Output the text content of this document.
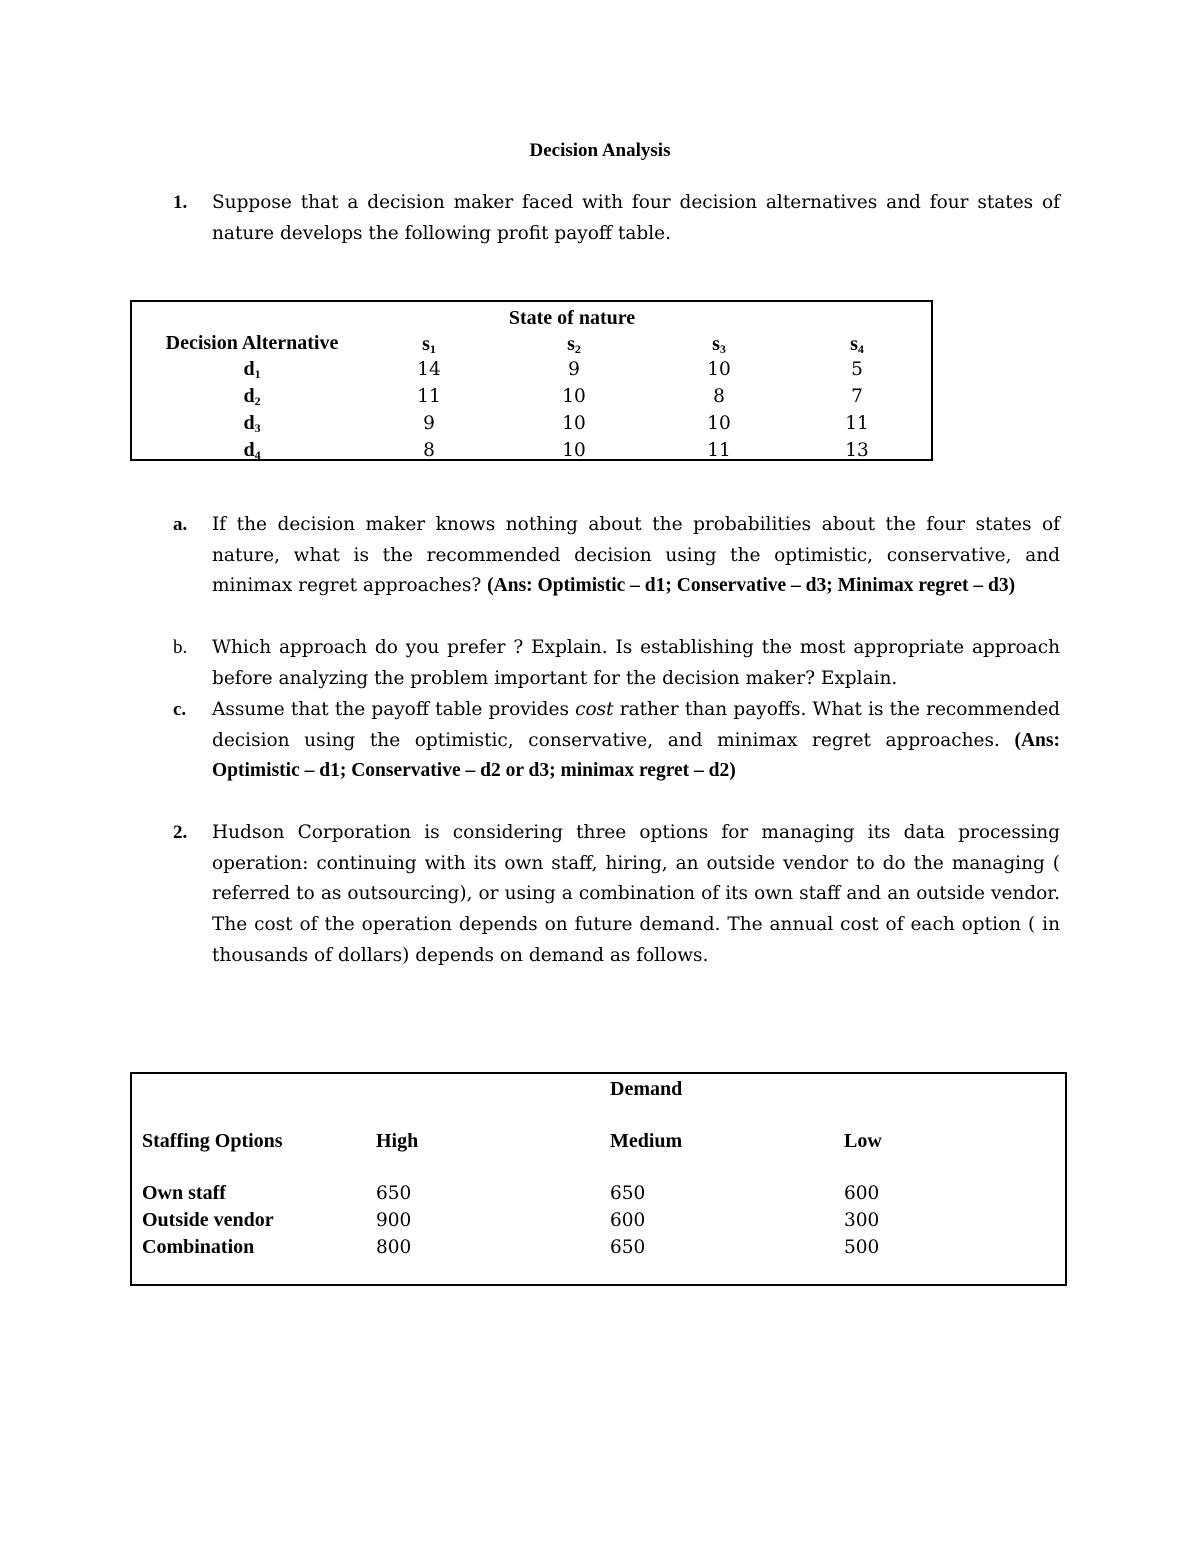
Decision Analysis
1. Suppose that a decision maker faced with four decision alternatives and four states of nature develops the following profit payoff table.
State of nature
Decision Alternative	$s_1$	$s_2$	$s_3$	$s_4$
$d_1$	14	9	10	5
$d_2$	11	10	8	7
$d_3$	9	10	10	11
$d_4$	8	10	11	13
a. If the decision maker knows nothing about the probabilities about the four states of nature, what is the recommended decision using the optimistic, conservative, and minimax regret approaches? (Ans: Optimistic – d1; Conservative – d3; Minimax regret – d3)
b. Which approach do you prefer ? Explain. Is establishing the most appropriate approach before analyzing the problem important for the decision maker? Explain.
c. Assume that the payoff table provides cost rather than payoffs. What is the recommended decision using the optimistic, conservative, and minimax regret approaches. (Ans: Optimistic – d1; Conservative – d2 or d3; minimax regret – d2)
2. Hudson Corporation is considering three options for managing its data processing operation: continuing with its own staff, hiring, an outside vendor to do the managing ( referred to as outsourcing), or using a combination of its own staff and an outside vendor. The cost of the operation depends on future demand. The annual cost of each option ( in thousands of dollars) depends on demand as follows.
Demand
Staffing Options	High	Medium	Low
Own staff	650	650	600
Outside vendor	900	600	300
Combination	800	650	500
